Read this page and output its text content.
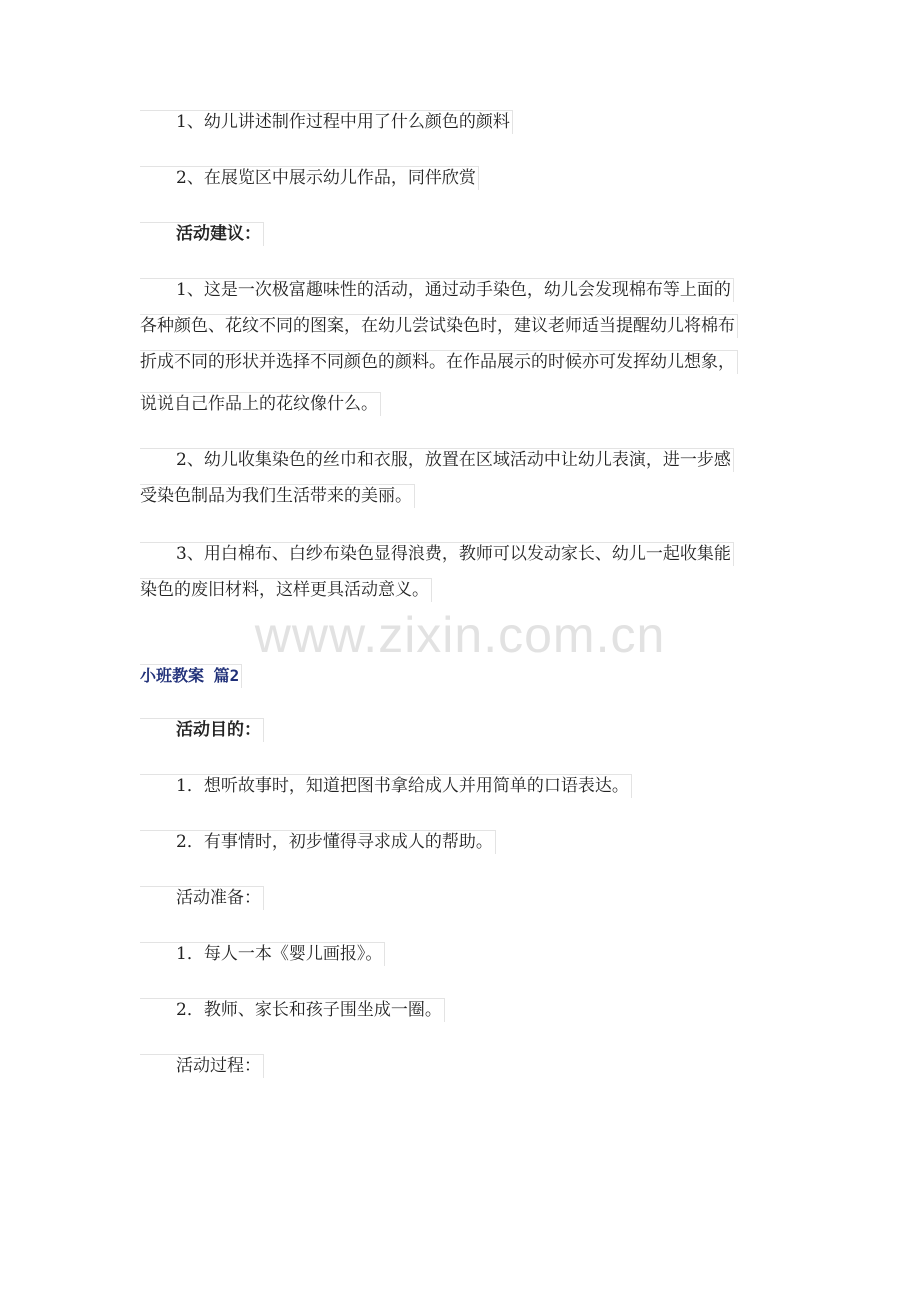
1、幼儿讲述制作过程中用了什么颜色的颜料
2、在展览区中展示幼儿作品，同伴欣赏
活动建议：
1、这是一次极富趣味性的活动，通过动手染色，幼儿会发现棉布等上面的
各种颜色、花纹不同的图案，在幼儿尝试染色时，建议老师适当提醒幼儿将棉布
折成不同的形状并选择不同颜色的颜料。在作品展示的时候亦可发挥幼儿想象，
说说自己作品上的花纹像什么。
2、幼儿收集染色的丝巾和衣服，放置在区域活动中让幼儿表演，进一步感
受染色制品为我们生活带来的美丽。
3、用白棉布、白纱布染色显得浪费，教师可以发动家长、幼儿一起收集能
染色的废旧材料，这样更具活动意义。
www.zixin.com.cn
小班教案 篇2
活动目的：
1．想听故事时，知道把图书拿给成人并用简单的口语表达。
2．有事情时，初步懂得寻求成人的帮助。
活动准备：
1．每人一本《婴儿画报》。
2．教师、家长和孩子围坐成一圈。
活动过程：
